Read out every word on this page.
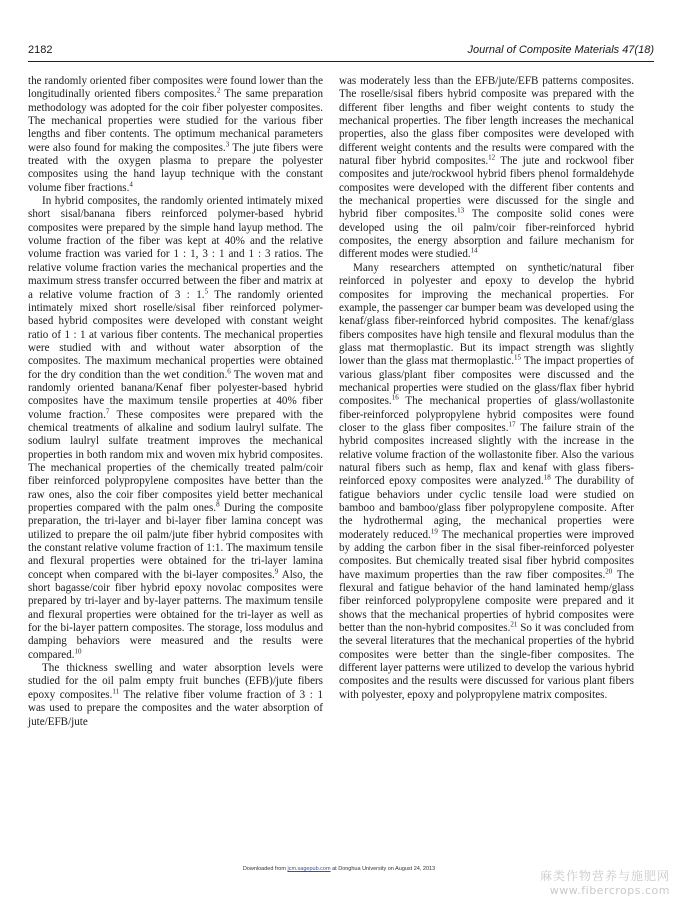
2182	Journal of Composite Materials 47(18)

the randomly oriented fiber composites were found lower than the longitudinally oriented fibers composites.$^2$ The same preparation methodology was adopted for the coir fiber polyester composites. The mechanical properties were studied for the various fiber lengths and fiber contents. The optimum mechanical parameters were also found for making the composites.$^3$ The jute fibers were treated with the oxygen plasma to prepare the polyester composites using the hand layup technique with the constant volume fiber fractions.$^4$

In hybrid composites, the randomly oriented intimately mixed short sisal/banana fibers reinforced polymer-based hybrid composites were prepared by the simple hand layup method. The volume fraction of the fiber was kept at 40% and the relative volume fraction was varied for 1 : 1, 3 : 1 and 1 : 3 ratios. The relative volume fraction varies the mechanical properties and the maximum stress transfer occurred between the fiber and matrix at a relative volume fraction of 3 : 1.$^5$ The randomly oriented intimately mixed short roselle/sisal fiber reinforced polymer-based hybrid composites were developed with constant weight ratio of 1 : 1 at various fiber contents. The mechanical properties were studied with and without water absorption of the composites. The maximum mechanical properties were obtained for the dry condition than the wet condition.$^6$ The woven mat and randomly oriented banana/Kenaf fiber polyester-based hybrid composites have the maximum tensile properties at 40% fiber volume fraction.$^7$ These composites were prepared with the chemical treatments of alkaline and sodium laulryl sulfate. The sodium laulryl sulfate treatment improves the mechanical properties in both random mix and woven mix hybrid composites. The mechanical properties of the chemically treated palm/coir fiber reinforced polypropylene composites have better than the raw ones, also the coir fiber composites yield better mechanical properties compared with the palm ones.$^8$ During the composite preparation, the tri-layer and bi-layer fiber lamina concept was utilized to prepare the oil palm/jute fiber hybrid composites with the constant relative volume fraction of 1:1. The maximum tensile and flexural properties were obtained for the tri-layer lamina concept when compared with the bi-layer composites.$^9$ Also, the short bagasse/coir fiber hybrid epoxy novolac composites were prepared by tri-layer and by-layer patterns. The maximum tensile and flexural properties were obtained for the tri-layer as well as for the bi-layer pattern composites. The storage, loss modulus and damping behaviors were measured and the results were compared.$^{10}$

The thickness swelling and water absorption levels were studied for the oil palm empty fruit bunches (EFB)/jute fibers epoxy composites.$^{11}$ The relative fiber volume fraction of 3 : 1 was used to prepare the composites and the water absorption of jute/EFB/jute

was moderately less than the EFB/jute/EFB patterns composites. The roselle/sisal fibers hybrid composite was prepared with the different fiber lengths and fiber weight contents to study the mechanical properties. The fiber length increases the mechanical properties, also the glass fiber composites were developed with different weight contents and the results were compared with the natural fiber hybrid composites.$^{12}$ The jute and rockwool fiber composites and jute/rockwool hybrid fibers phenol formaldehyde composites were developed with the different fiber contents and the mechanical properties were discussed for the single and hybrid fiber composites.$^{13}$ The composite solid cones were developed using the oil palm/coir fiber-reinforced hybrid composites, the energy absorption and failure mechanism for different modes were studied.$^{14}$

Many researchers attempted on synthetic/natural fiber reinforced in polyester and epoxy to develop the hybrid composites for improving the mechanical properties. For example, the passenger car bumper beam was developed using the kenaf/glass fiber-reinforced hybrid composites. The kenaf/glass fibers composites have high tensile and flexural modulus than the glass mat thermoplastic. But its impact strength was slightly lower than the glass mat thermoplastic.$^{15}$ The impact properties of various glass/plant fiber composites were discussed and the mechanical properties were studied on the glass/flax fiber hybrid composites.$^{16}$ The mechanical properties of glass/wollastonite fiber-reinforced polypropylene hybrid composites were found closer to the glass fiber composites.$^{17}$ The failure strain of the hybrid composites increased slightly with the increase in the relative volume fraction of the wollastonite fiber. Also the various natural fibers such as hemp, flax and kenaf with glass fibers-reinforced epoxy composites were analyzed.$^{18}$ The durability of fatigue behaviors under cyclic tensile load were studied on bamboo and bamboo/glass fiber polypropylene composite. After the hydrothermal aging, the mechanical properties were moderately reduced.$^{19}$ The mechanical properties were improved by adding the carbon fiber in the sisal fiber-reinforced polyester composites. But chemically treated sisal fiber hybrid composites have maximum properties than the raw fiber composites.$^{20}$ The flexural and fatigue behavior of the hand laminated hemp/glass fiber reinforced polypropylene composite were prepared and it shows that the mechanical properties of hybrid composites were better than the non-hybrid composites.$^{21}$ So it was concluded from the several literatures that the mechanical properties of the hybrid composites were better than the single-fiber composites. The different layer patterns were utilized to develop the various hybrid composites and the results were discussed for various plant fibers with polyester, epoxy and polypropylene matrix composites.

Downloaded from jcm.sagepub.com at Donghua University on August 24, 2013	麻类作物营养与施肥网
www.fibercrops.com
